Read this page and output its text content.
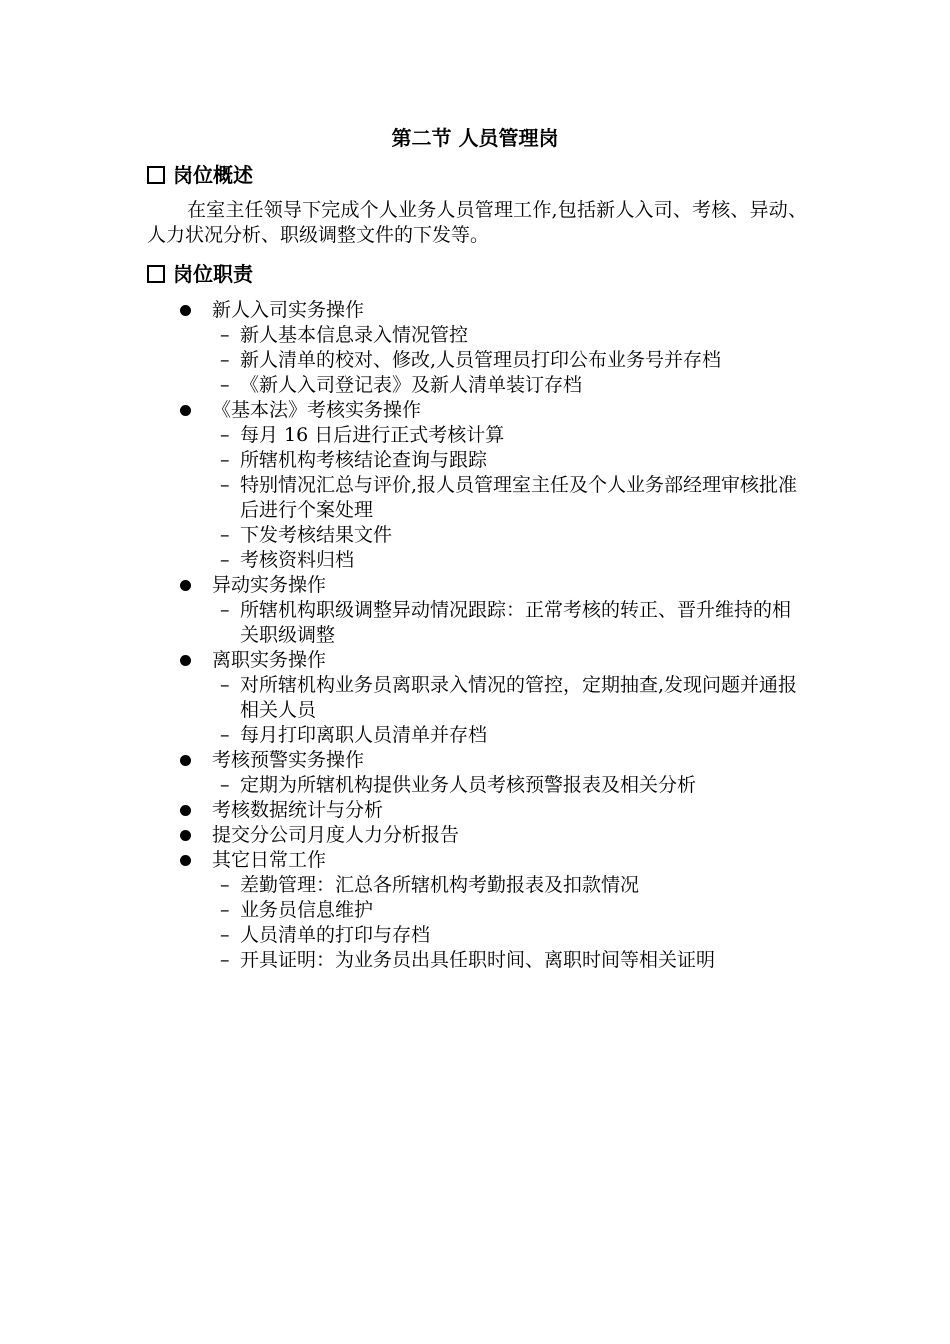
第二节 人员管理岗
岗位概述
在室主任领导下完成个人业务人员管理工作,包括新人入司、考核、异动、人力状况分析、职级调整文件的下发等。
岗位职责
新人入司实务操作
– 新人基本信息录入情况管控
– 新人清单的校对、修改,人员管理员打印公布业务号并存档
– 《新人入司登记表》及新人清单装订存档
《基本法》考核实务操作
– 每月 16 日后进行正式考核计算
– 所辖机构考核结论查询与跟踪
– 特别情况汇总与评价,报人员管理室主任及个人业务部经理审核批准后进行个案处理
– 下发考核结果文件
– 考核资料归档
异动实务操作
– 所辖机构职级调整异动情况跟踪：正常考核的转正、晋升维持的相关职级调整
离职实务操作
– 对所辖机构业务员离职录入情况的管控，定期抽查,发现问题并通报相关人员
– 每月打印离职人员清单并存档
考核预警实务操作
– 定期为所辖机构提供业务人员考核预警报表及相关分析
考核数据统计与分析
提交分公司月度人力分析报告
其它日常工作
– 差勤管理：汇总各所辖机构考勤报表及扣款情况
– 业务员信息维护
– 人员清单的打印与存档
– 开具证明：为业务员出具任职时间、离职时间等相关证明
